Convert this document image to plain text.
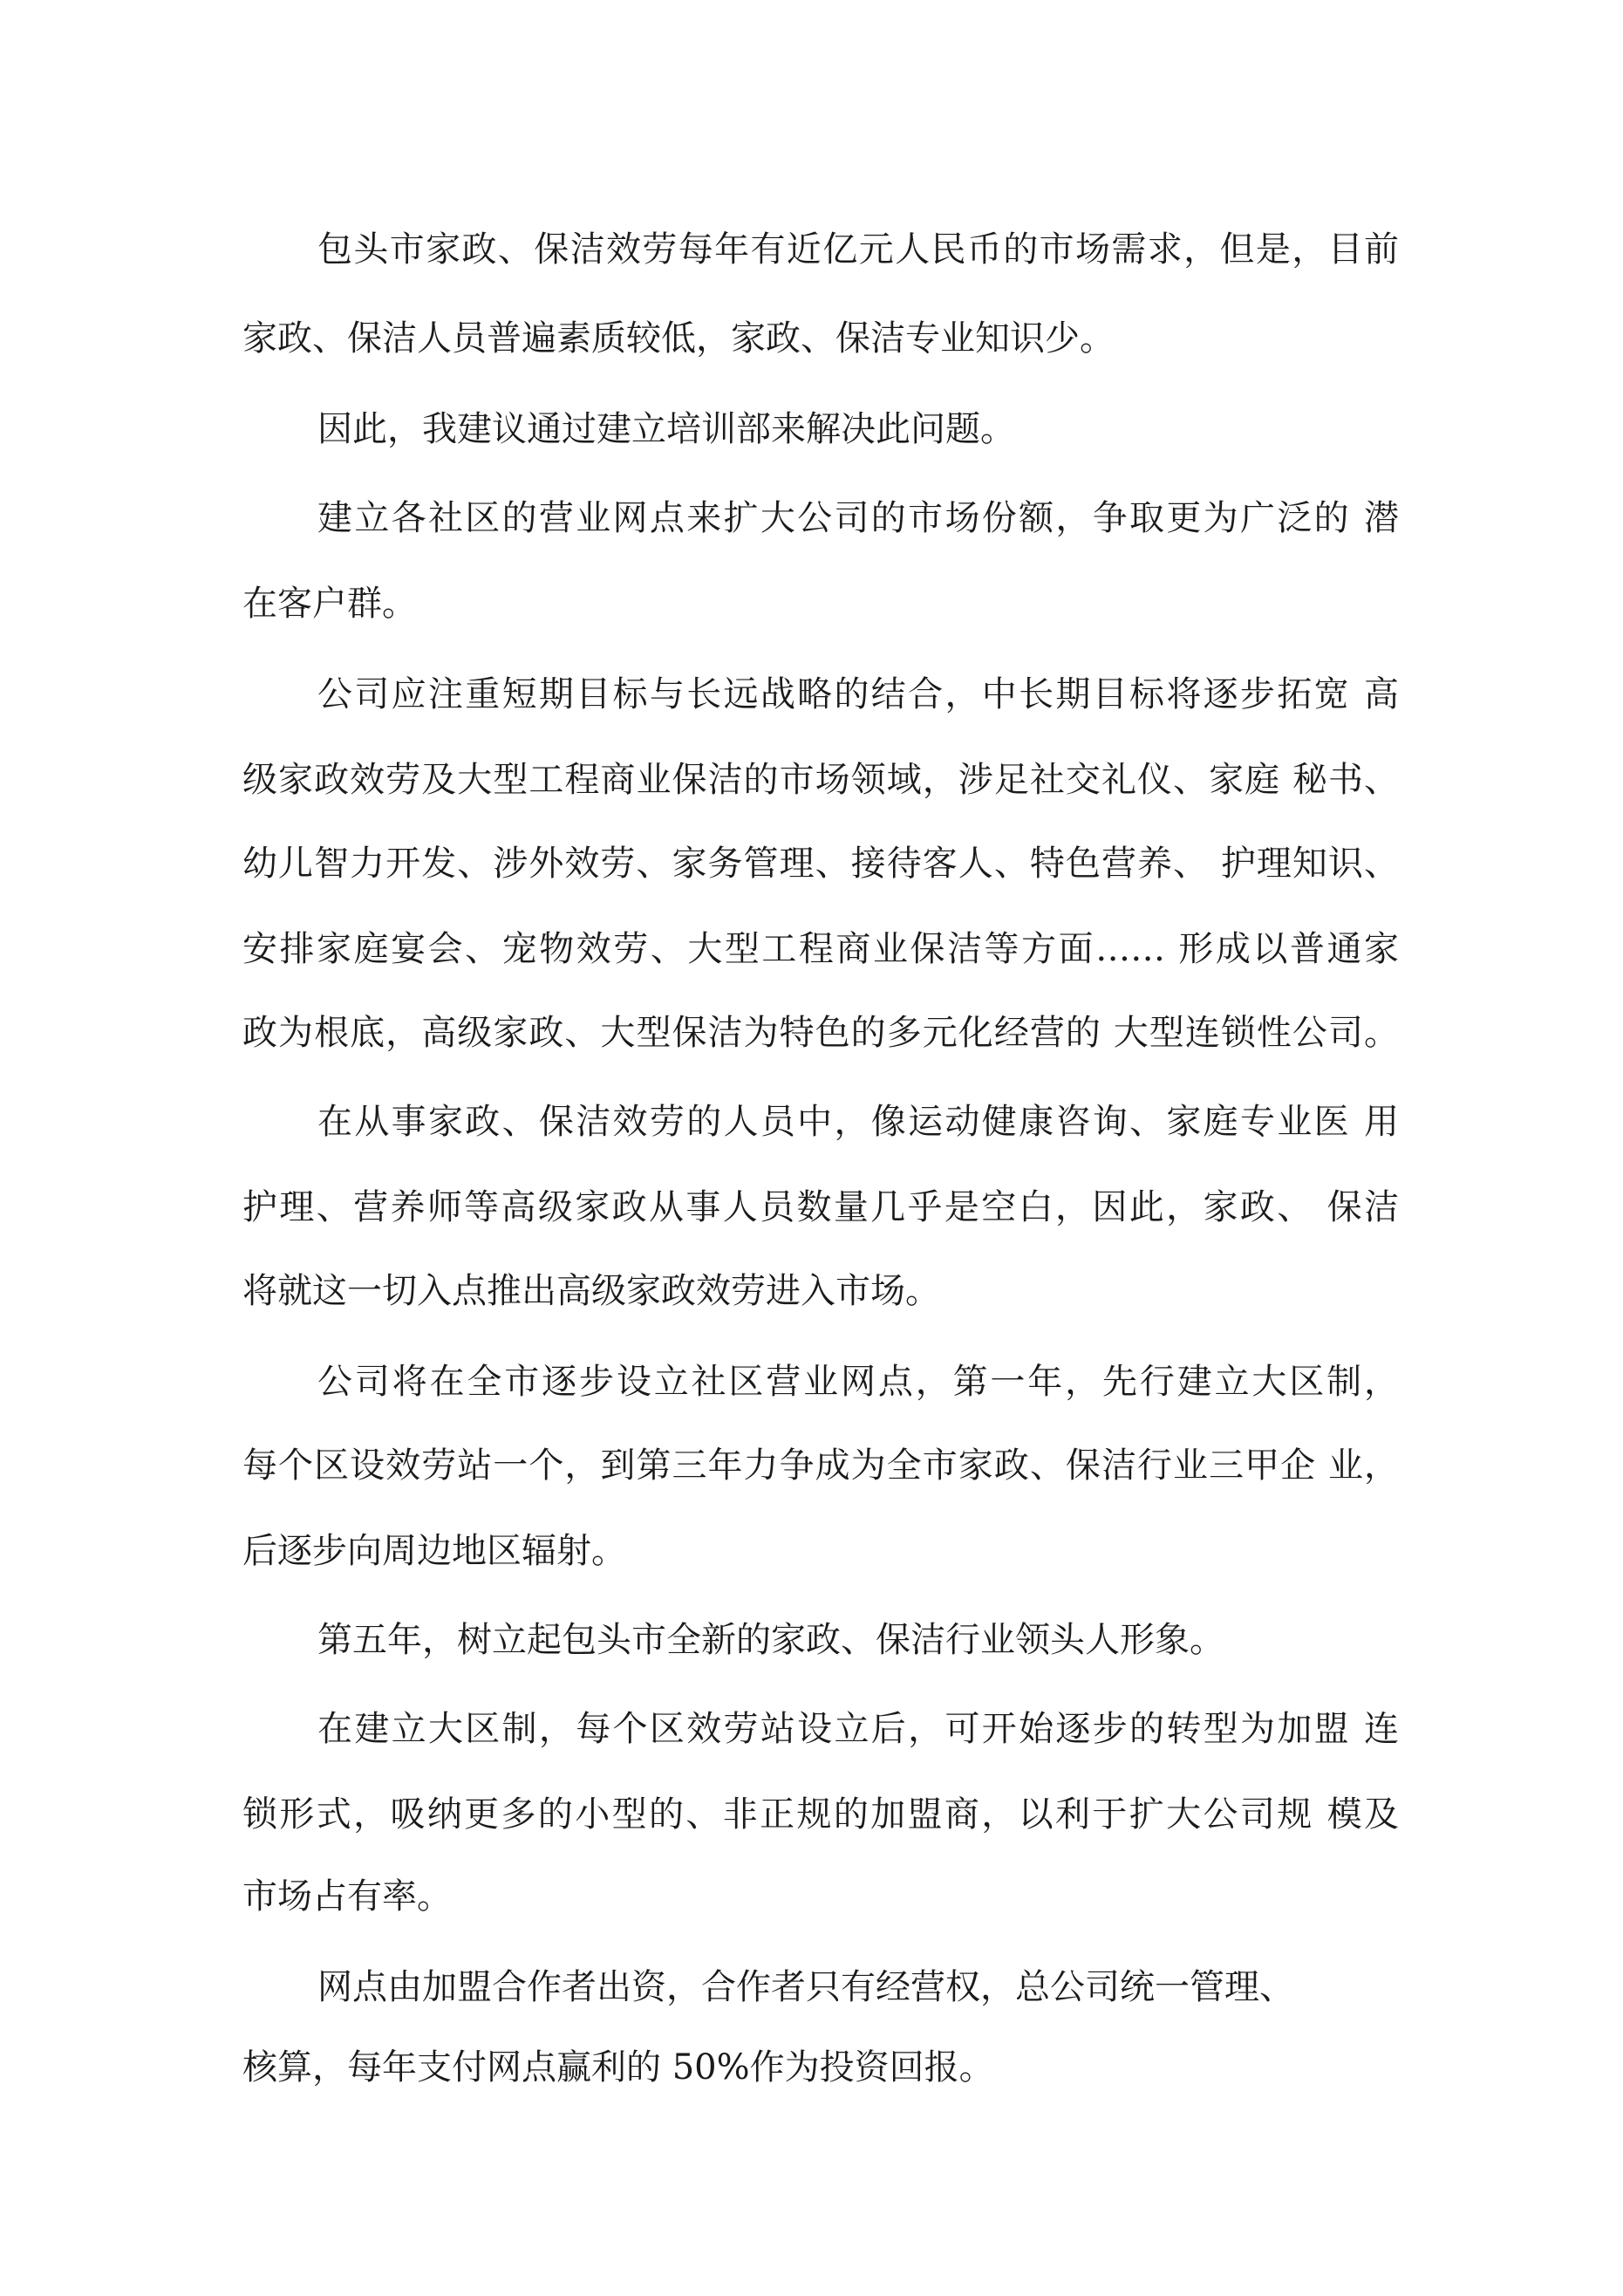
包头市家政、保洁效劳每年有近亿元人民币的市场需求，但是，目前
家政、保洁人员普遍素质较低，家政、保洁专业知识少。
因此，我建议通过建立培训部来解决此问题。
建立各社区的营业网点来扩大公司的市场份额，争取更为广泛的 潜
在客户群。
公司应注重短期目标与长远战略的结合，中长期目标将逐步拓宽 高
级家政效劳及大型工程商业保洁的市场领域，涉足社交礼仪、家庭 秘书、
幼儿智力开发、涉外效劳、家务管理、接待客人、特色营养、 护理知识、
安排家庭宴会、宠物效劳、大型工程商业保洁等方面…… 形成以普通家
政为根底，高级家政、大型保洁为特色的多元化经营的 大型连锁性公司。
在从事家政、保洁效劳的人员中，像运动健康咨询、家庭专业医 用
护理、营养师等高级家政从事人员数量几乎是空白，因此，家政、 保洁
将就这一切入点推出高级家政效劳进入市场。
公司将在全市逐步设立社区营业网点，第一年，先行建立大区制，
每个区设效劳站一个，到第三年力争成为全市家政、保洁行业三甲企 业，
后逐步向周边地区辐射。
第五年，树立起包头市全新的家政、保洁行业领头人形象。
在建立大区制，每个区效劳站设立后，可开始逐步的转型为加盟 连
锁形式，吸纳更多的小型的、非正规的加盟商，以利于扩大公司规 模及
市场占有率。
网点由加盟合作者出资，合作者只有经营权，总公司统一管理、
核算，每年支付网点赢利的 50%作为投资回报。
